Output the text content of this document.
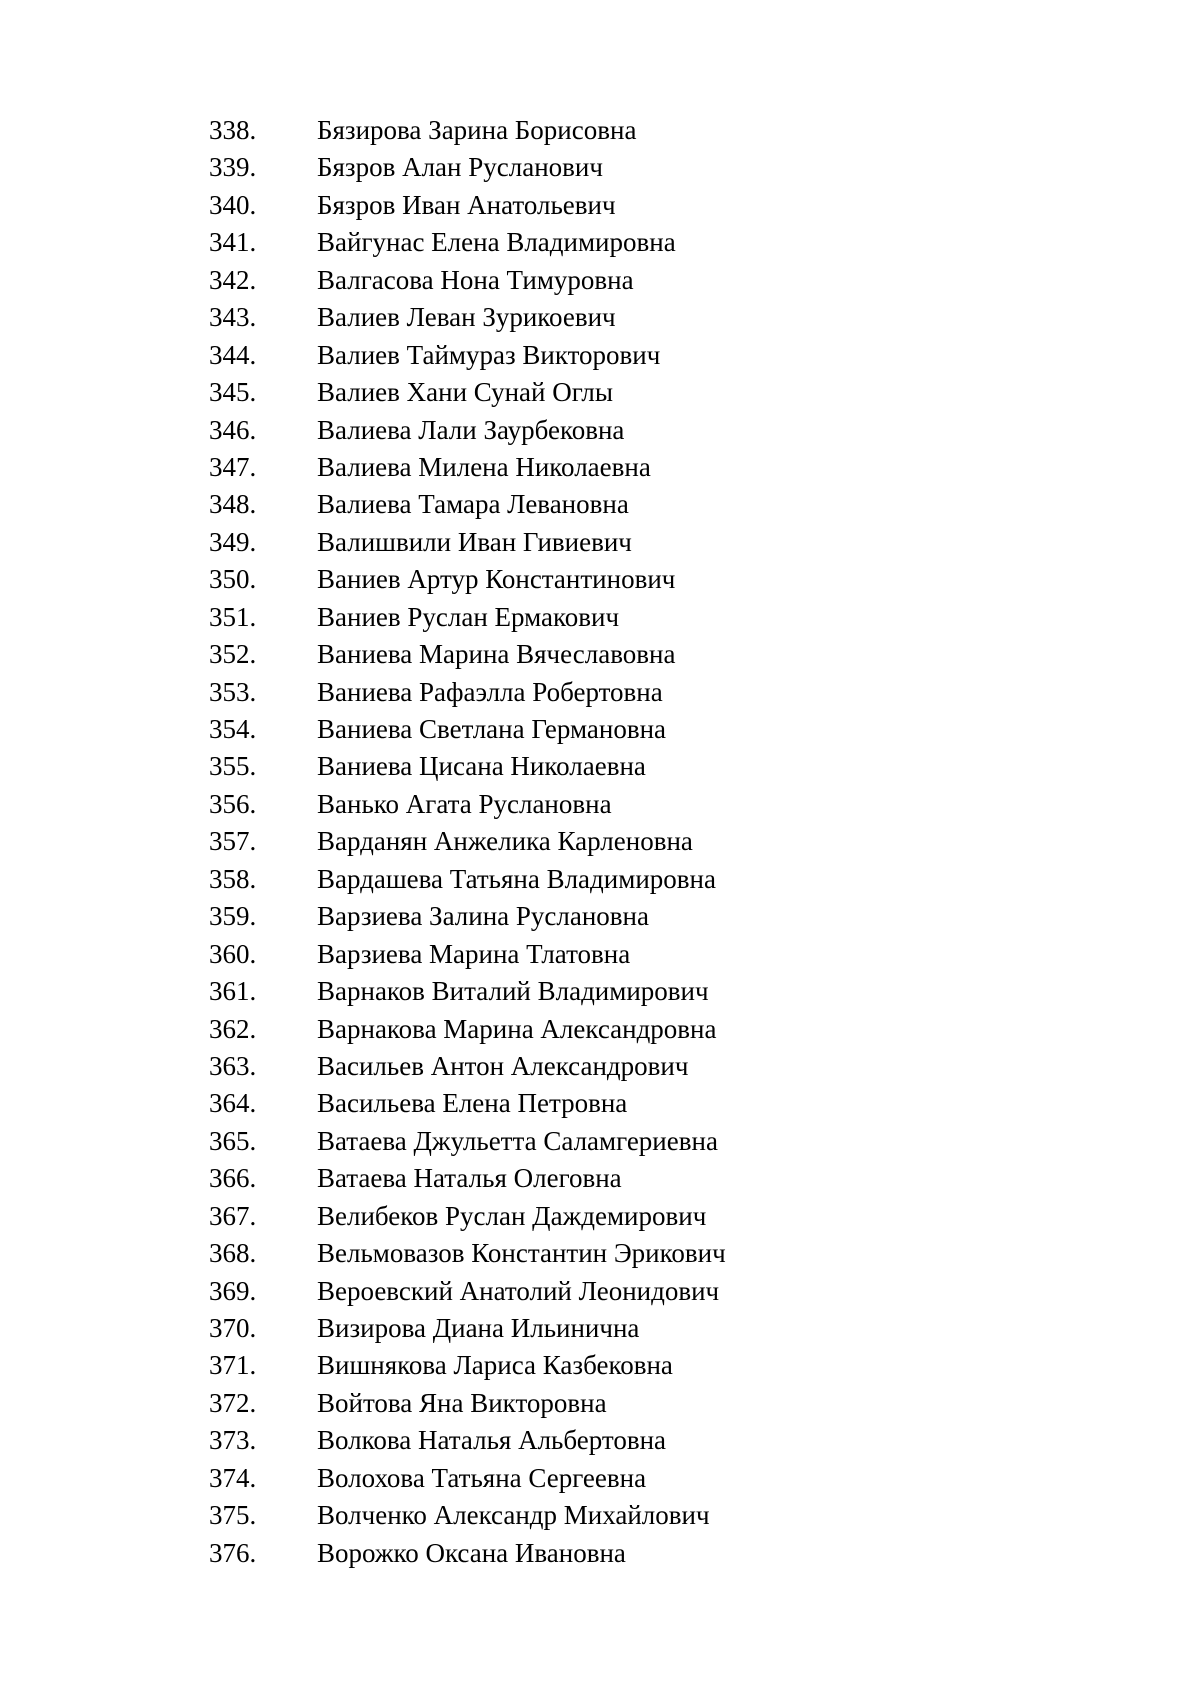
338.	Бязирова Зарина Борисовна
339.	Бязров Алан Русланович
340.	Бязров Иван Анатольевич
341.	Вайгунас Елена Владимировна
342.	Валгасова Нона Тимуровна
343.	Валиев Леван Зурикоевич
344.	Валиев Таймураз Викторович
345.	Валиев Хани Сунай Оглы
346.	Валиева Лали Заурбековна
347.	Валиева Милена Николаевна
348.	Валиева Тамара Левановна
349.	Валишвили Иван Гивиевич
350.	Ваниев Артур Константинович
351.	Ваниев Руслан Ермакович
352.	Ваниева Марина Вячеславовна
353.	Ваниева Рафаэлла Робертовна
354.	Ваниева Светлана Германовна
355.	Ваниева Цисана Николаевна
356.	Ванько Агата Руслановна
357.	Варданян Анжелика Карленовна
358.	Вардашева Татьяна Владимировна
359.	Варзиева Залина Руслановна
360.	Варзиева Марина Тлатовна
361.	Варнаков Виталий Владимирович
362.	Варнакова Марина Александровна
363.	Васильев Антон Александрович
364.	Васильева Елена Петровна
365.	Ватаева Джульетта Саламгериевна
366.	Ватаева Наталья Олеговна
367.	Велибеков Руслан Даждемирович
368.	Вельмовазов Константин Эрикович
369.	Вероевский Анатолий Леонидович
370.	Визирова Диана Ильинична
371.	Вишнякова Лариса Казбековна
372.	Войтова Яна Викторовна
373.	Волкова Наталья Альбертовна
374.	Волохова Татьяна Сергеевна
375.	Волченко Александр Михайлович
376.	Ворожко Оксана Ивановна
